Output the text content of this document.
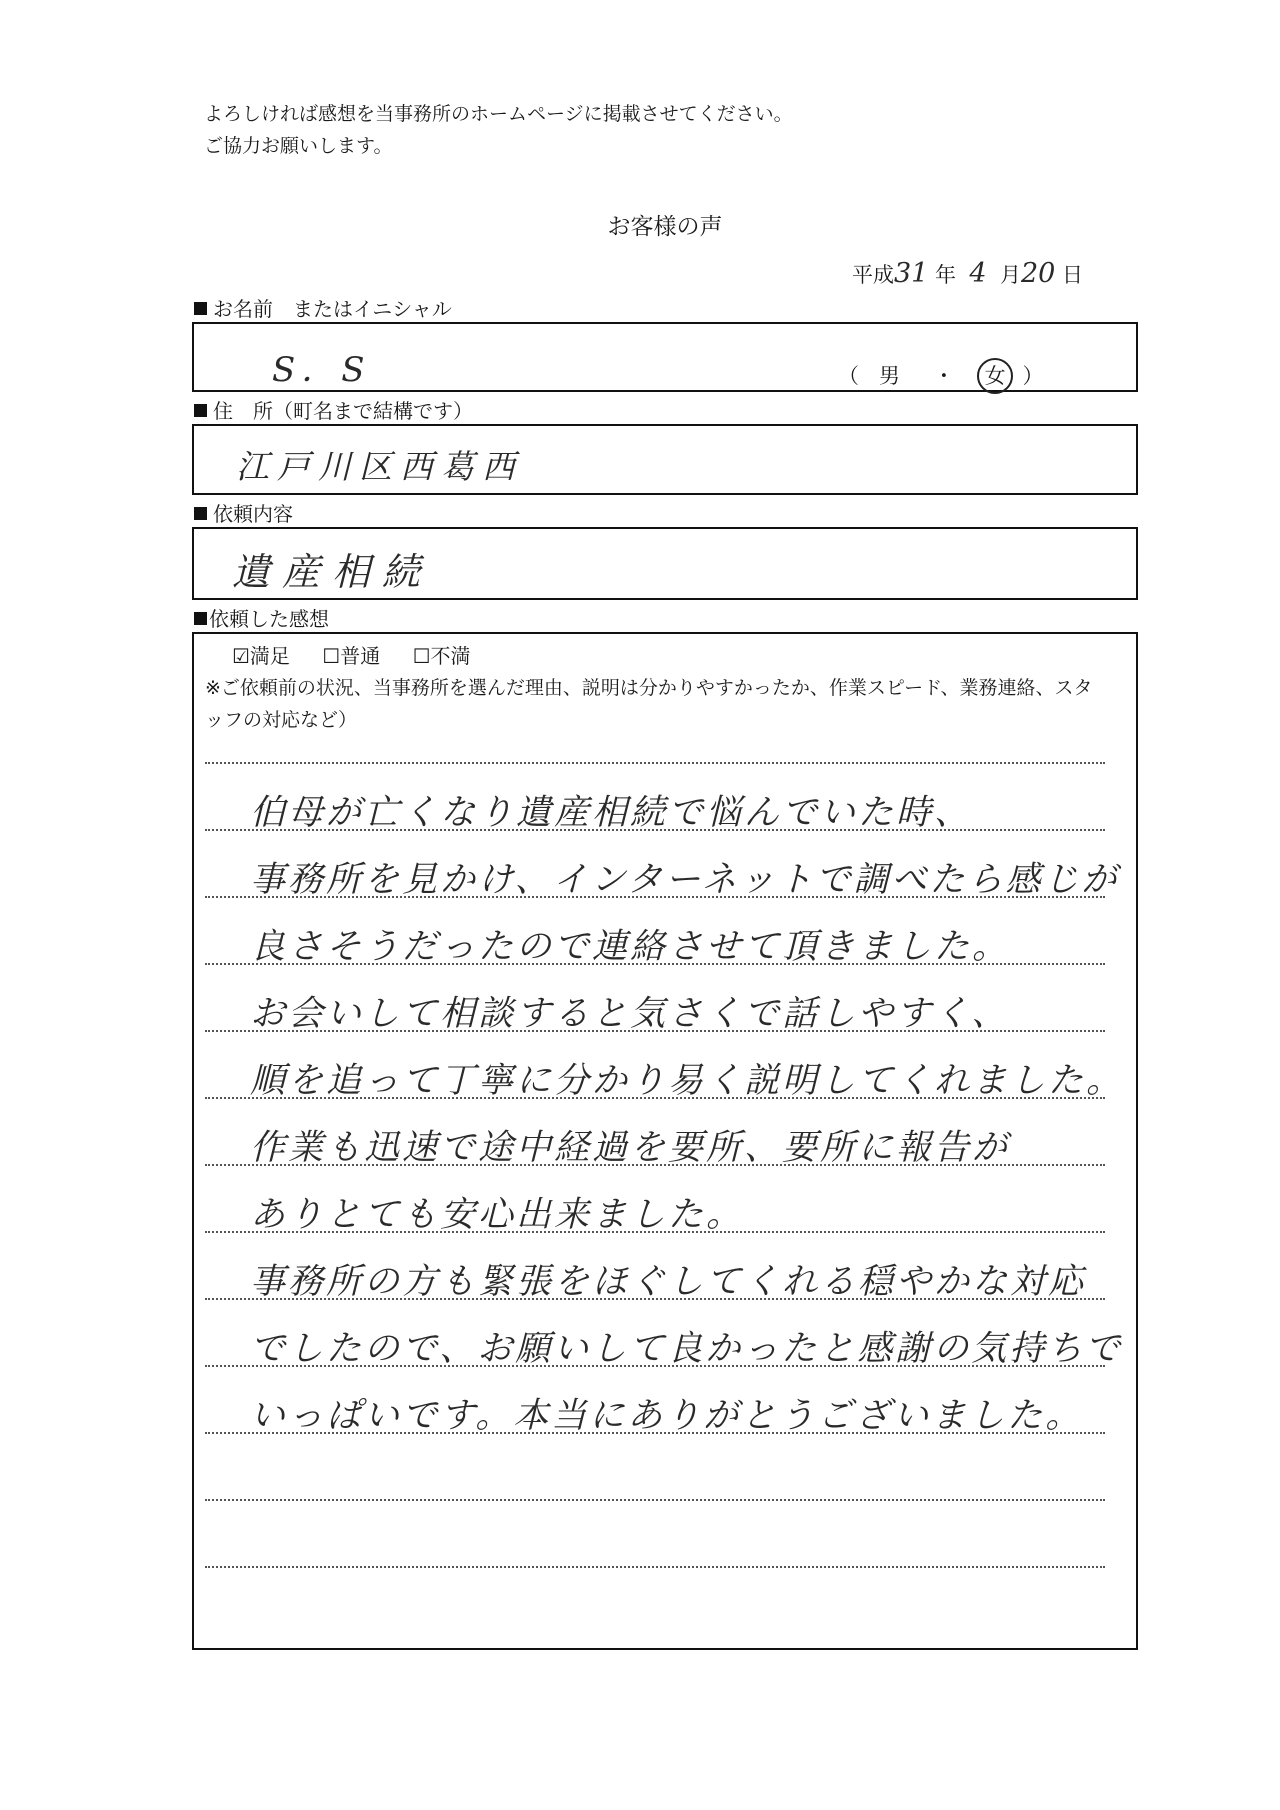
よろしければ感想を当事務所のホームページに掲載させてください。
ご協力お願いします。
お客様の声
平成31 年 4 月20 日
お名前　またはイニシャル
S．S	（ 男 ・ 女 ）
住　所（町名まで結構です）
江戸川区西葛西
依頼内容
遺産相続
依頼した感想
☑満足 ☐普通 ☐不満
※ご依頼前の状況、当事務所を選んだ理由、説明は分かりやすかったか、作業スピード、業務連絡、スタッフの対応など）
伯母が亡くなり遺産相続で悩んでいた時、
事務所を見かけ、インターネットで調べたら感じが
良さそうだったので連絡させて頂きました。
お会いして相談すると気さくで話しやすく、
順を追って丁寧に分かり易く説明してくれました。
作業も迅速で途中経過を要所、要所に報告が
ありとても安心出来ました。
事務所の方も緊張をほぐしてくれる穏やかな対応
でしたので、お願いして良かったと感謝の気持ちで
いっぱいです。本当にありがとうございました。
